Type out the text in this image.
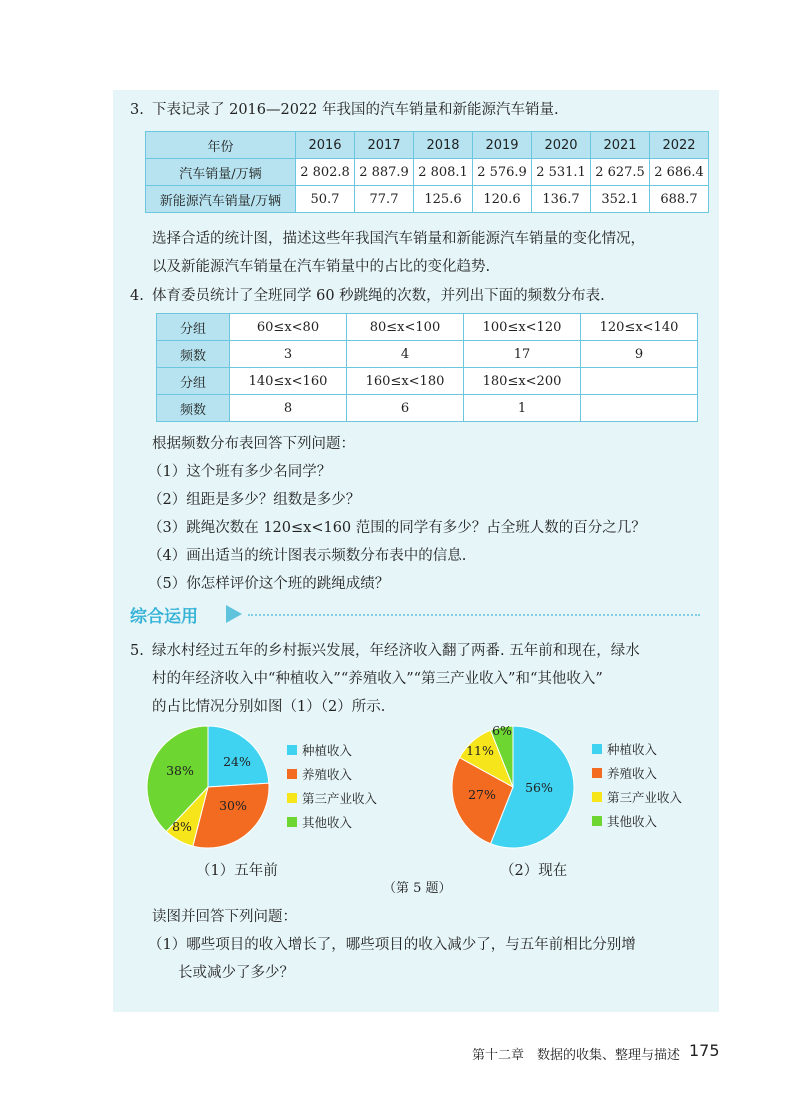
3. 下表记录了 2016—2022 年我国的汽车销量和新能源汽车销量.
年份	2016	2017	2018	2019	2020	2021	2022
汽车销量/万辆	2 802.8	2 887.9	2 808.1	2 576.9	2 531.1	2 627.5	2 686.4
新能源汽车销量/万辆	50.7	77.7	125.6	120.6	136.7	352.1	688.7
选择合适的统计图，描述这些年我国汽车销量和新能源汽车销量的变化情况，
以及新能源汽车销量在汽车销量中的占比的变化趋势.
4. 体育委员统计了全班同学 60 秒跳绳的次数，并列出下面的频数分布表.
分组	60≤x<80	80≤x<100	100≤x<120	120≤x<140
频数	3	4	17	9
分组	140≤x<160	160≤x<180	180≤x<200	
频数	8	6	1	
根据频数分布表回答下列问题：
（1）这个班有多少名同学？
（2）组距是多少？组数是多少？
（3）跳绳次数在 120≤x<160 范围的同学有多少？占全班人数的百分之几？
（4）画出适当的统计图表示频数分布表中的信息.
（5）你怎样评价这个班的跳绳成绩？
综合运用
5. 绿水村经过五年的乡村振兴发展，年经济收入翻了两番. 五年前和现在，绿水
村的年经济收入中“种植收入”“养殖收入”“第三产业收入”和“其他收入”
的占比情况分别如图（1）（2）所示.
24%
30%
8%
38%
56%
27%
11%
6%
种植收入
养殖收入
第三产业收入
其他收入
种植收入
养殖收入
第三产业收入
其他收入
（1）五年前	（2）现在
（第 5 题）
读图并回答下列问题：
（1）哪些项目的收入增长了，哪些项目的收入减少了，与五年前相比分别增
长或减少了多少？
第十二章　数据的收集、整理与描述 175
